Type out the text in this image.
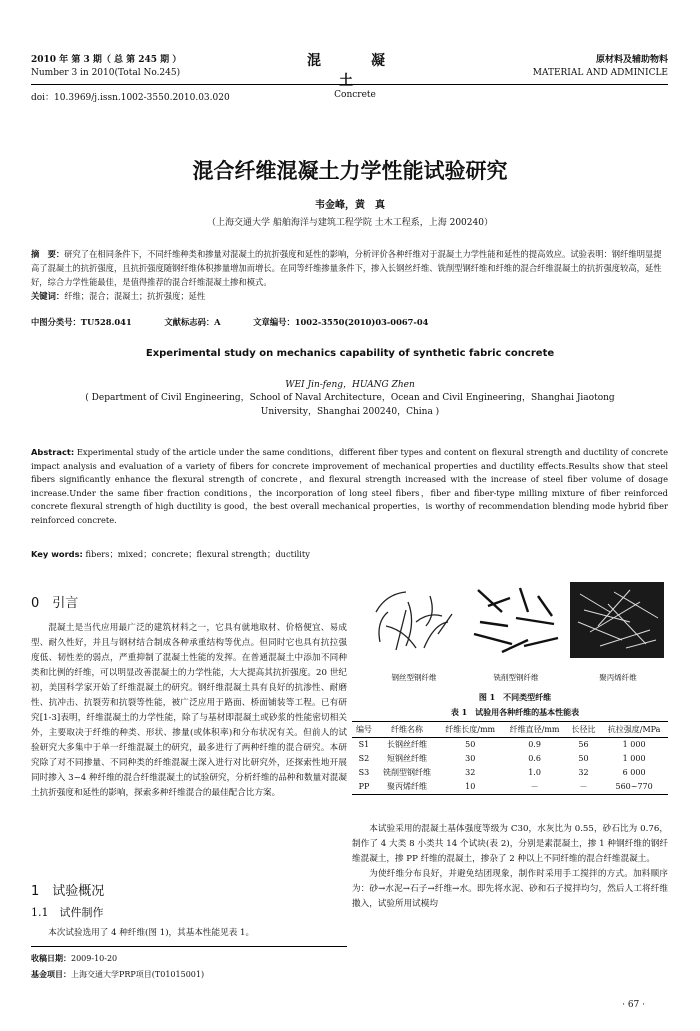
2010 年 第 3 期（ 总 第 245 期 ）
Number 3 in 2010(Total No.245)
混　凝　土
Concrete
原材料及辅助物料
MATERIAL AND ADMINICLE
doi：10.3969/j.issn.1002-3550.2010.03.020
混合纤维混凝土力学性能试验研究
韦金峰，黄　真
（上海交通大学 船舶海洋与建筑工程学院 土木工程系，上海 200240）
摘　要：研究了在相同条件下，不同纤维种类和掺量对混凝土的抗折强度和延性的影响，分析评价各种纤维对于混凝土力学性能和延性的提高效应。试验表明：钢纤维明显提高了混凝土的抗折强度，且抗折强度随钢纤维体积掺量增加而增长。在同等纤维掺量条件下，掺入长钢丝纤维、铣削型钢纤维和纤维的混合纤维混凝土的抗折强度较高，延性好，综合力学性能最佳，是值得推荐的混合纤维混凝土掺和模式。
关键词：纤维；混合；混凝土；抗折强度；延性
中图分类号：TU528.041	文献标志码：A	文章编号：1002-3550(2010)03-0067-04
Experimental study on mechanics capability of synthetic fabric concrete
WEI Jin-feng，HUANG Zhen
( Department of Civil Engineering，School of Naval Architecture，Ocean and Civil Engineering，Shanghai Jiaotong University，Shanghai 200240，China )
Abstract: Experimental study of the article under the same conditions，different fiber types and content on flexural strength and ductility of concrete impact analysis and evaluation of a variety of fibers for concrete improvement of mechanical properties and ductility effects.Results show that steel fibers significantly enhance the flexural strength of concrete，and flexural strength increased with the increase of steel fiber volume of dosage increase.Under the same fiber fraction conditions，the incorporation of long steel fibers，fiber and fiber-type milling mixture of fiber reinforced concrete flexural strength of high ductility is good，the best overall mechanical properties，is worthy of recommendation blending mode hybrid fiber reinforced concrete.
Key words: fibers；mixed；concrete；flexural strength；ductility
0　引言
混凝土是当代应用最广泛的建筑材料之一，它具有就地取材、价格便宜、易成型、耐久性好，并且与钢材结合制成各种承重结构等优点。但同时它也具有抗拉强度低、韧性差的弱点，严重抑制了混凝土性能的发挥。在普通混凝土中添加不同种类和比例的纤维，可以明显改善混凝土的力学性能，大大提高其抗折强度。20 世纪初，美国科学家开始了纤维混凝土的研究。钢纤维混凝土具有良好的抗渗性、耐磨性、抗冲击、抗裂劳和抗裂等性能，被广泛应用于路面、桥面铺装等工程。已有研究[1-3]表明，纤维混凝土的力学性能，除了与基材即混凝土或砂浆的性能密切相关外，主要取决于纤维的种类、形状、掺量(或体积率)和分布状况有关。但前人的试验研究大多集中于单一纤维混凝土的研究，最多进行了两种纤维的混合研究。本研究除了对不同掺量、不同种类的纤维混凝土深入进行对比研究外，还探索性地开展同时掺入 3~4 种纤维的混合纤维混凝土的试验研究，分析纤维的品种和数量对混凝土抗折强度和延性的影响，探索多种纤维混合的最佳配合比方案。
1　试验概况
1.1　试件制作
本次试验选用了 4 种纤维(图 1)，其基本性能见表 1。
钢丝型钢纤维	铣削型钢纤维	聚丙烯纤维
图 1　不同类型纤维
表 1　试验用各种纤维的基本性能表
编号	纤维名称	纤维长度/mm	纤维直径/mm	长径比	抗拉强度/MPa
S1	长钢丝纤维	50	0.9	56	1 000
S2	短钢丝纤维	30	0.6	50	1 000
S3	铣削型钢纤维	32	1.0	32	6 000
PP	聚丙烯纤维	10	－	－	560~770
本试验采用的混凝土基体强度等级为 C30，水灰比为 0.55，砂石比为 0.76，制作了 4 大类 8 小类共 14 个试块(表 2)，分别是素混凝土，掺 1 种钢纤维的钢纤维混凝土，掺 PP 纤维的混凝土，掺杂了 2 种以上不同纤维的混合纤维混凝土。
为使纤维分布良好，并避免结团现象，制作时采用手工搅拌的方式。加料顺序为：砂→水泥→石子→纤维→水。即先将水泥、砂和石子搅拌均匀，然后人工将纤维撒入，试验所用试模均
收稿日期：2009-10-20
基金项目：上海交通大学PRP项目(T01015001)
· 67 ·
